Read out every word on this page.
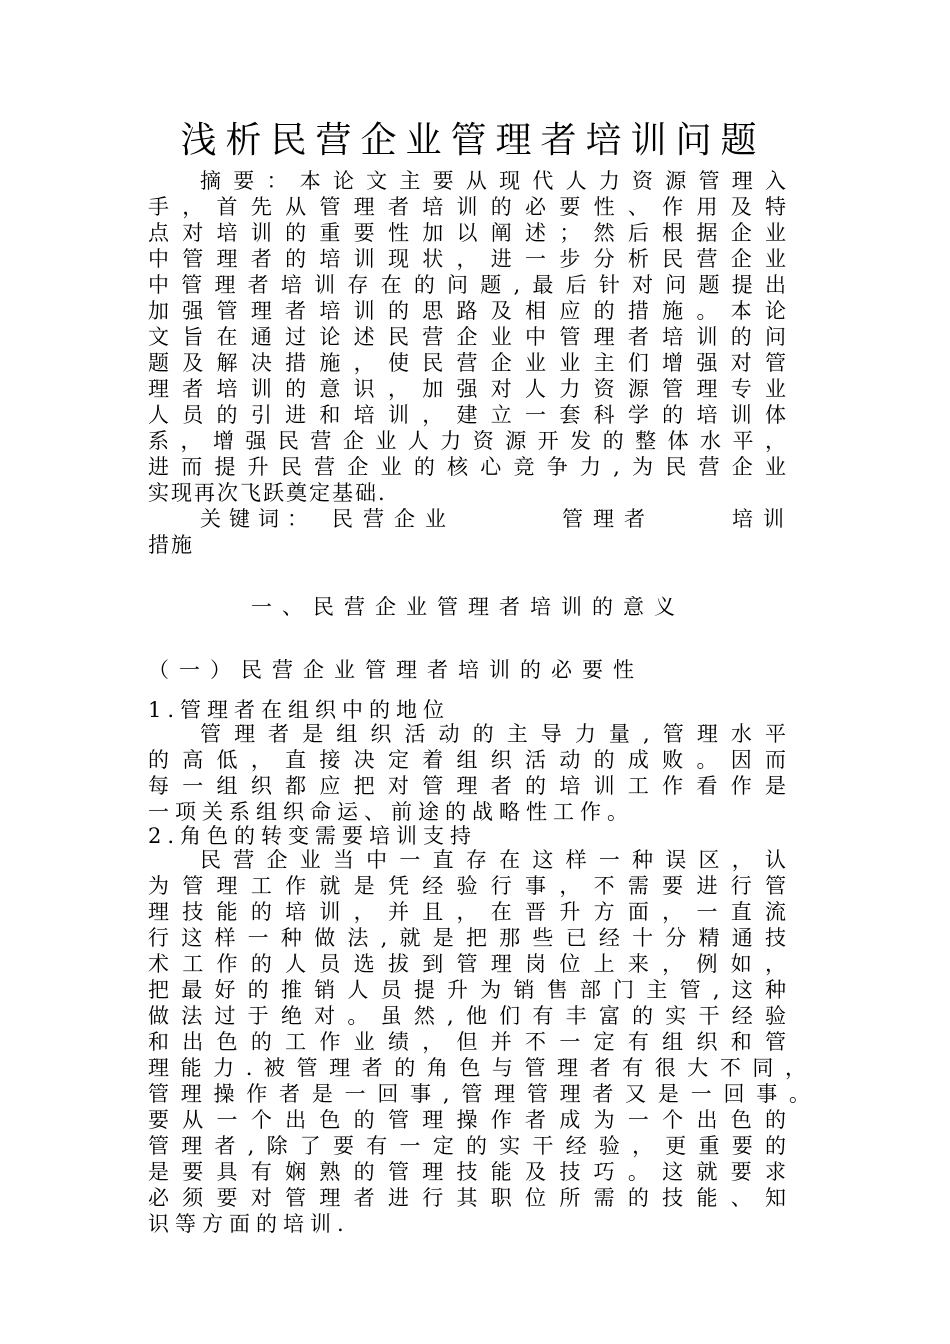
浅析民营企业管理者培训问题
摘要：本论文主要从现代人力资源管理入
手，首先从管理者培训的必要性、作用及特
点对培训的重要性加以阐述；然后根据企业
中管理者的培训现状，进一步分析民营企业
中管理者培训存在的问题,最后针对问题提出
加强管理者培训的思路及相应的措施。本论
文旨在通过论述民营企业中管理者培训的问
题及解决措施，使民营企业业主们增强对管
理者培训的意识，加强对人力资源管理专业
人员的引进和培训，建立一套科学的培训体
系，增强民营企业人力资源开发的整体水平，
进而提升民营企业的核心竞争力,为民营企业
实现再次飞跃奠定基础.
关键词： 民营企业	管理者	培训
措施
一、民营企业管理者培训的意义
（一）民营企业管理者培训的必要性
1.管理者在组织中的地位
管理者是组织活动的主导力量,管理水平
的高低，直接决定着组织活动的成败。因而
每一组织都应把对管理者的培训工作看作是
一项关系组织命运、前途的战略性工作。
2.角色的转变需要培训支持
民营企业当中一直存在这样一种误区，认
为管理工作就是凭经验行事，不需要进行管
理技能的培训，并且，在晋升方面，一直流
行这样一种做法,就是把那些已经十分精通技
术工作的人员选拔到管理岗位上来，例如，
把最好的推销人员提升为销售部门主管,这种
做法过于绝对。虽然,他们有丰富的实干经验
和出色的工作业绩，但并不一定有组织和管
理能力.被管理者的角色与管理者有很大不同，
管理操作者是一回事,管理管理者又是一回事。
要从一个出色的管理操作者成为一个出色的
管理者,除了要有一定的实干经验，更重要的
是要具有娴熟的管理技能及技巧。这就要求
必须要对管理者进行其职位所需的技能、知
识等方面的培训.
